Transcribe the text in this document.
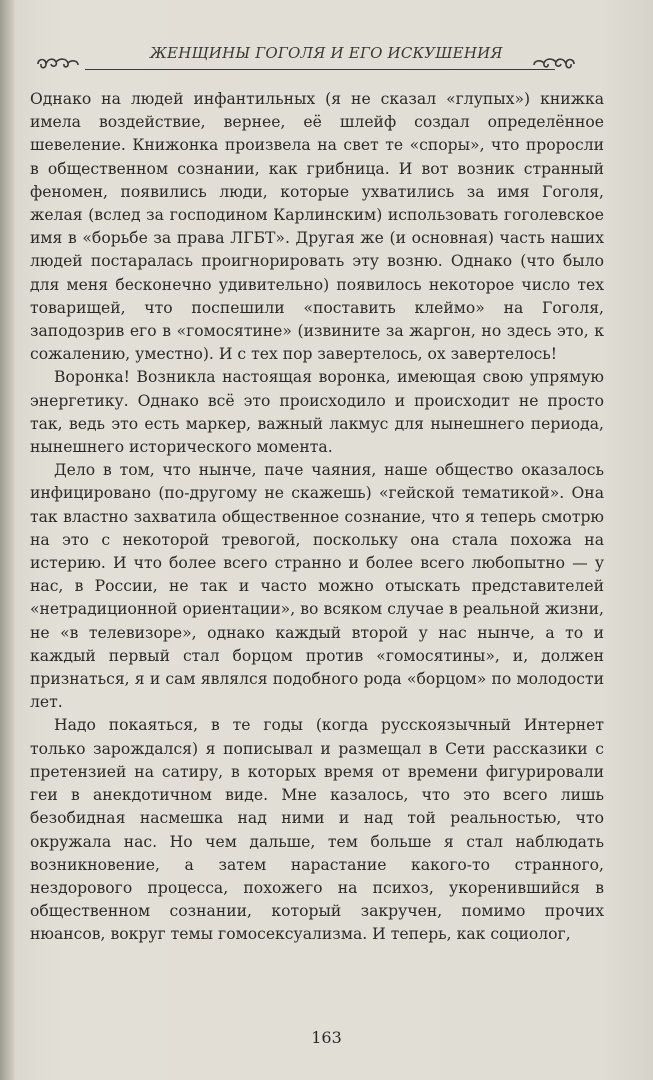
ЖЕНЩИНЫ ГОГОЛЯ И ЕГО ИСКУШЕНИЯ

Однако на людей инфантильных (я не сказал «глупых») книжка имела воздействие, вернее, её шлейф создал определённое шевеление. Книжонка произвела на свет те «споры», что проросли в общественном сознании, как грибница. И вот возник странный феномен, появились люди, которые ухватились за имя Гоголя, желая (вслед за господином Карлинским) использовать гоголевское имя в «борьбе за права ЛГБТ». Другая же (и основная) часть наших людей постаралась проигнорировать эту возню. Однако (что было для меня бесконечно удивительно) появилось некоторое число тех товарищей, что поспешили «поставить клеймо» на Гоголя, заподозрив его в «гомосятине» (извините за жаргон, но здесь это, к сожалению, уместно). И с тех пор завертелось, ох завертелось!

Воронка! Возникла настоящая воронка, имеющая свою упрямую энергетику. Однако всё это происходило и происходит не просто так, ведь это есть маркер, важный лакмус для нынешнего периода, нынешнего исторического момента.

Дело в том, что нынче, паче чаяния, наше общество оказалось инфицировано (по-другому не скажешь) «гейской тематикой». Она так властно захватила общественное сознание, что я теперь смотрю на это с некоторой тревогой, поскольку она стала похожа на истерию. И что более всего странно и более всего любопытно — у нас, в России, не так и часто можно отыскать представителей «нетрадиционной ориентации», во всяком случае в реальной жизни, не «в телевизоре», однако каждый второй у нас нынче, а то и каждый первый стал борцом против «гомосятины», и, должен признаться, я и сам являлся подобного рода «борцом» по молодости лет.

Надо покаяться, в те годы (когда русскоязычный Интернет только зарождался) я пописывал и размещал в Сети рассказики с претензией на сатиру, в которых время от времени фигурировали геи в анекдотичном виде. Мне казалось, что это всего лишь безобидная насмешка над ними и над той реальностью, что окружала нас. Но чем дальше, тем больше я стал наблюдать возникновение, а затем нарастание какого-то странного, нездорового процесса, похожего на психоз, укоренившийся в общественном сознании, который закручен, помимо прочих нюансов, вокруг темы гомосексуализма. И теперь, как социолог,

163
